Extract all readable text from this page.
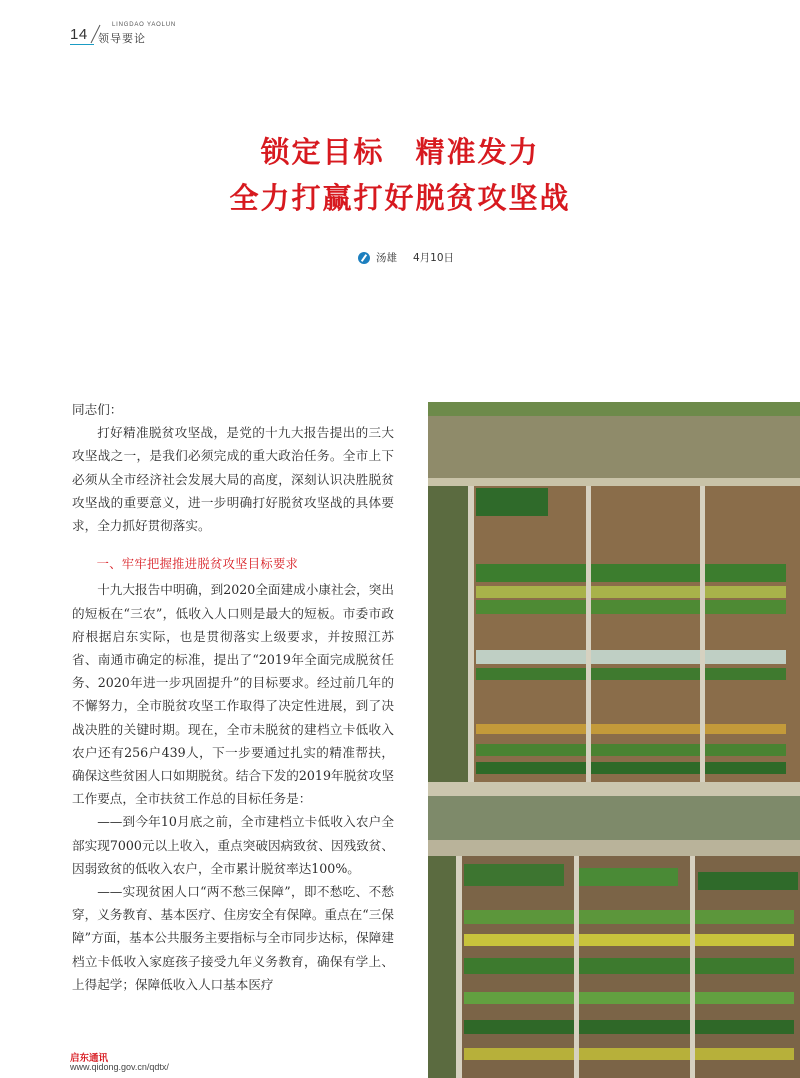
14
LINGDAO YAOLUN
领导要论
锁定目标　精准发力
全力打赢打好脱贫攻坚战
汤雄 4月10日

同志们：

打好精准脱贫攻坚战，是党的十九大报告提出的三大攻坚战之一，是我们必须完成的重大政治任务。全市上下必须从全市经济社会发展大局的高度，深刻认识决胜脱贫攻坚战的重要意义，进一步明确打好脱贫攻坚战的具体要求，全力抓好贯彻落实。

一、牢牢把握推进脱贫攻坚目标要求

十九大报告中明确，到2020全面建成小康社会，突出的短板在“三农”，低收入人口则是最大的短板。市委市政府根据启东实际，也是贯彻落实上级要求，并按照江苏省、南通市确定的标准，提出了“2019年全面完成脱贫任务、2020年进一步巩固提升”的目标要求。经过前几年的不懈努力，全市脱贫攻坚工作取得了决定性进展，到了决战决胜的关键时期。现在，全市未脱贫的建档立卡低收入农户还有256户439人，下一步要通过扎实的精准帮扶，确保这些贫困人口如期脱贫。结合下发的2019年脱贫攻坚工作要点，全市扶贫工作总的目标任务是：

——到今年10月底之前，全市建档立卡低收入农户全部实现7000元以上收入，重点突破因病致贫、因残致贫、因弱致贫的低收入农户，全市累计脱贫率达100%。

——实现贫困人口“两不愁三保障”，即不愁吃、不愁穿，义务教育、基本医疗、住房安全有保障。重点在“三保障”方面，基本公共服务主要指标与全市同步达标，保障建档立卡低收入家庭孩子接受九年义务教育，确保有学上、上得起学；保障低收入人口基本医疗

启东通讯
www.qidong.gov.cn/qdtx/
